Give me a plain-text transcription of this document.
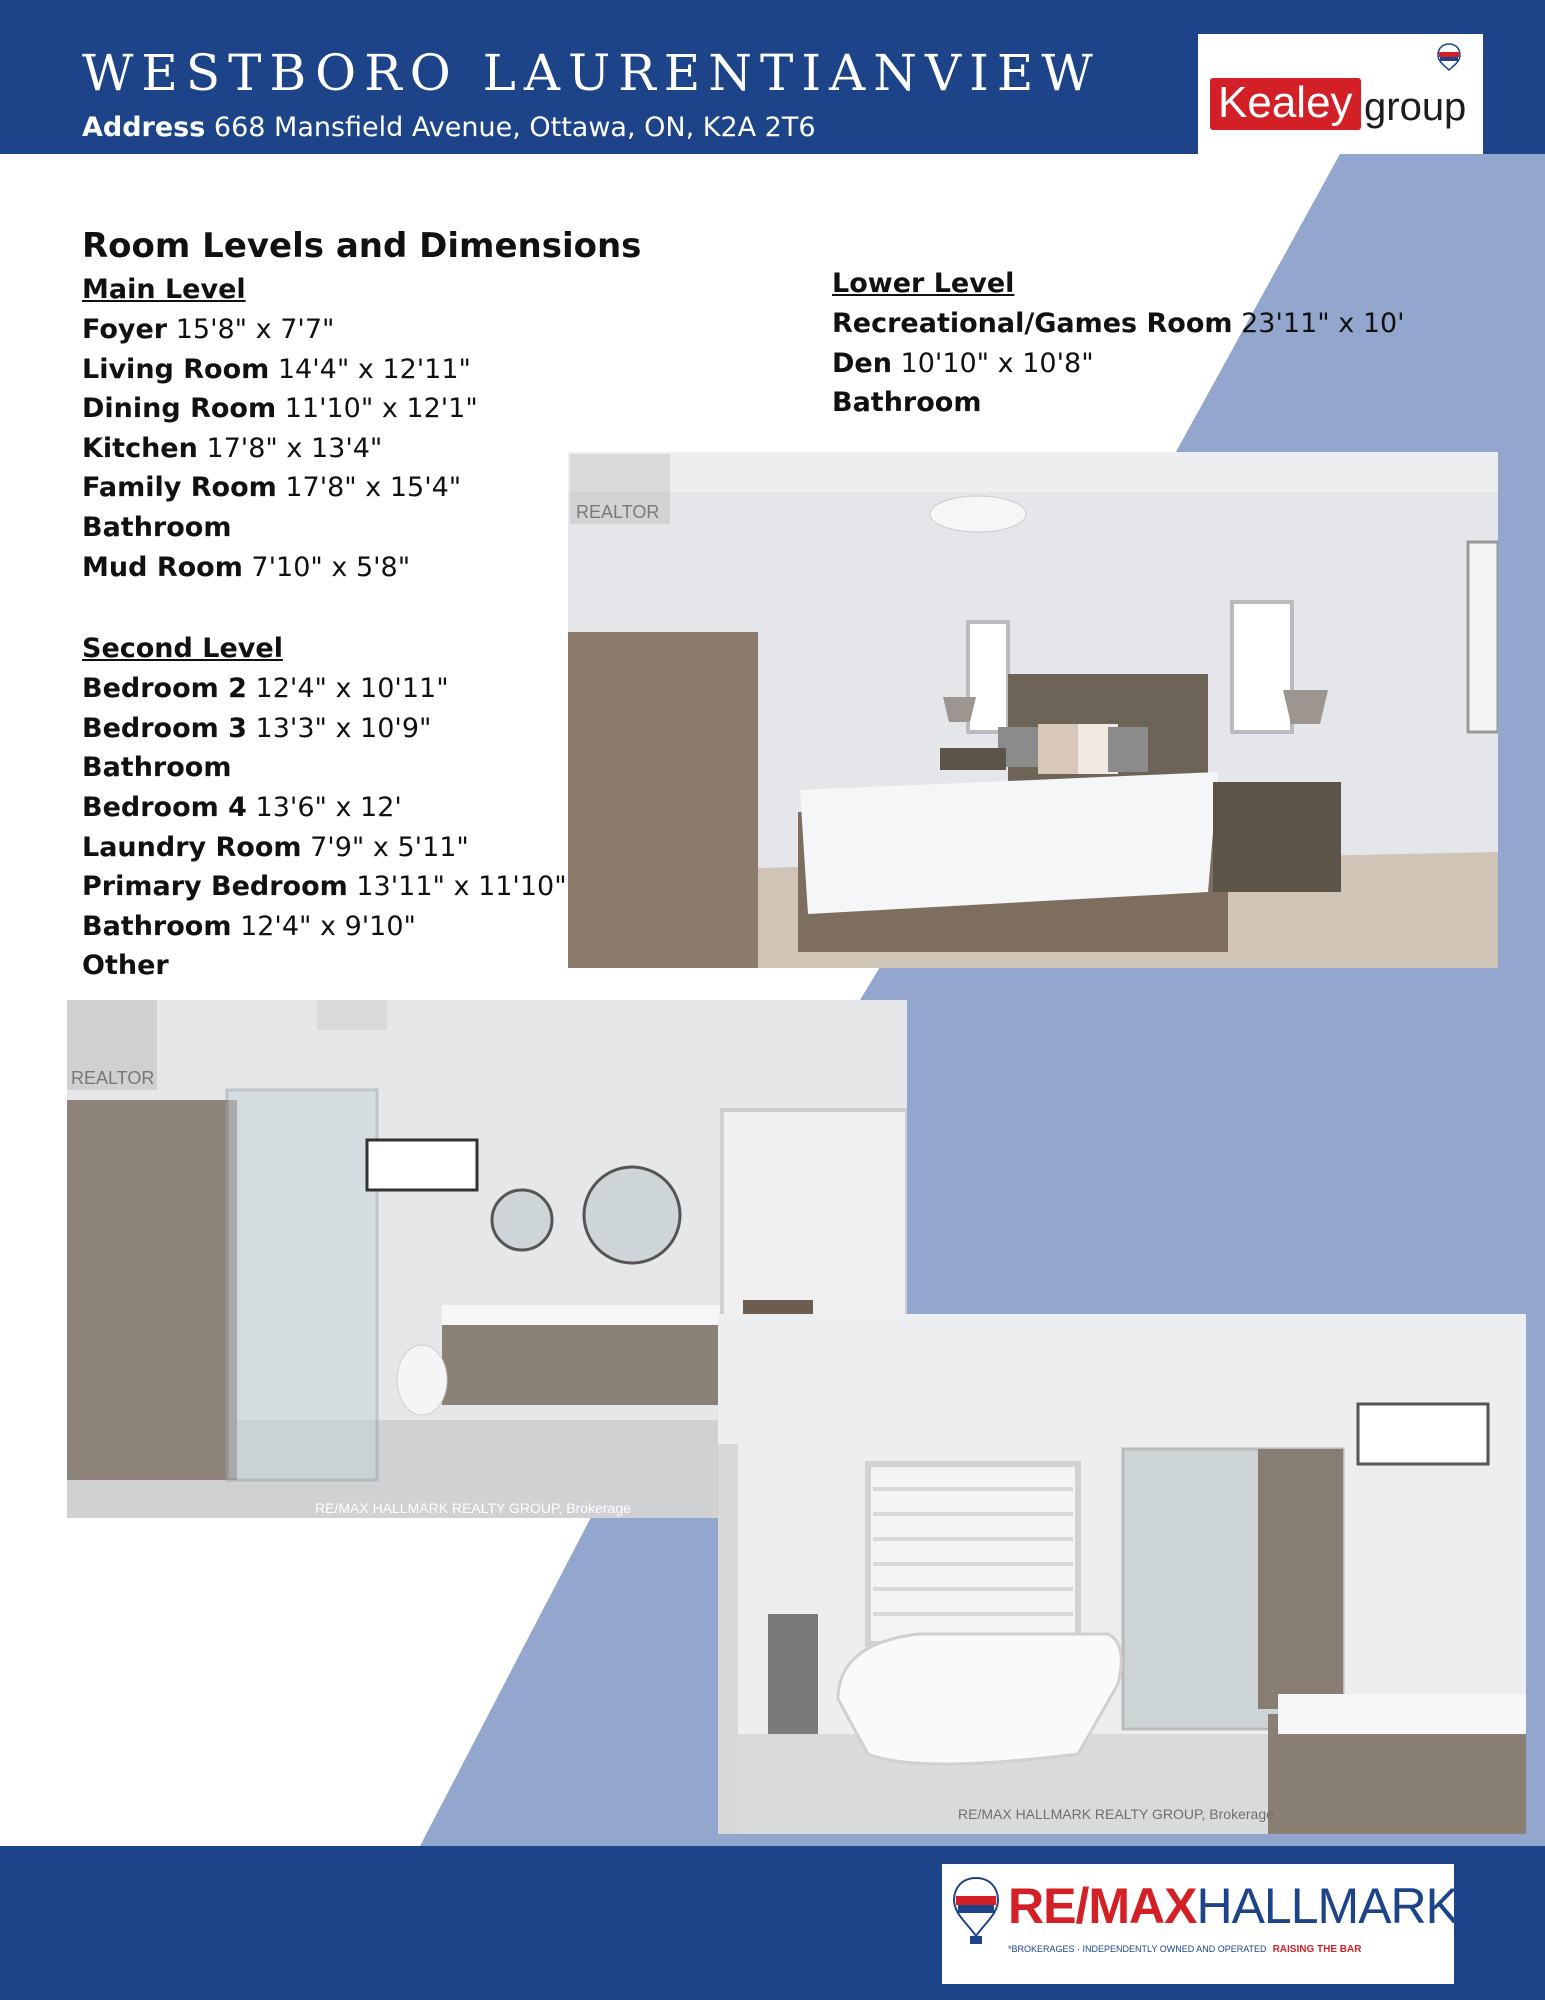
WESTBORO LAURENTIANVIEW
Address 668 Mansfield Avenue, Ottawa, ON, K2A 2T6
Kealey group
Room Levels and Dimensions
Main Level
Foyer 15'8" x 7'7"
Living Room 14'4" x 12'11"
Dining Room 11'10" x 12'1"
Kitchen 17'8" x 13'4"
Family Room 17'8" x 15'4"
Bathroom
Mud Room 7'10" x 5'8"
Second Level
Bedroom 2 12'4" x 10'11"
Bedroom 3 13'3" x 10'9"
Bathroom
Bedroom 4 13'6" x 12'
Laundry Room 7'9" x 5'11"
Primary Bedroom 13'11" x 11'10"
Bathroom 12'4" x 9'10"
Other
Lower Level
Recreational/Games Room 23'11" x 10'
Den 10'10" x 10'8"
Bathroom
REALTOR
REALTOR
RE/MAX HALLMARK REALTY GROUP, Brokerage
RE/MAX HALLMARK REALTY GROUP, Brokerage
RE/MAXHALLMARK
*BROKERAGES · INDEPENDENTLY OWNED AND OPERATED RAISING THE BAR
